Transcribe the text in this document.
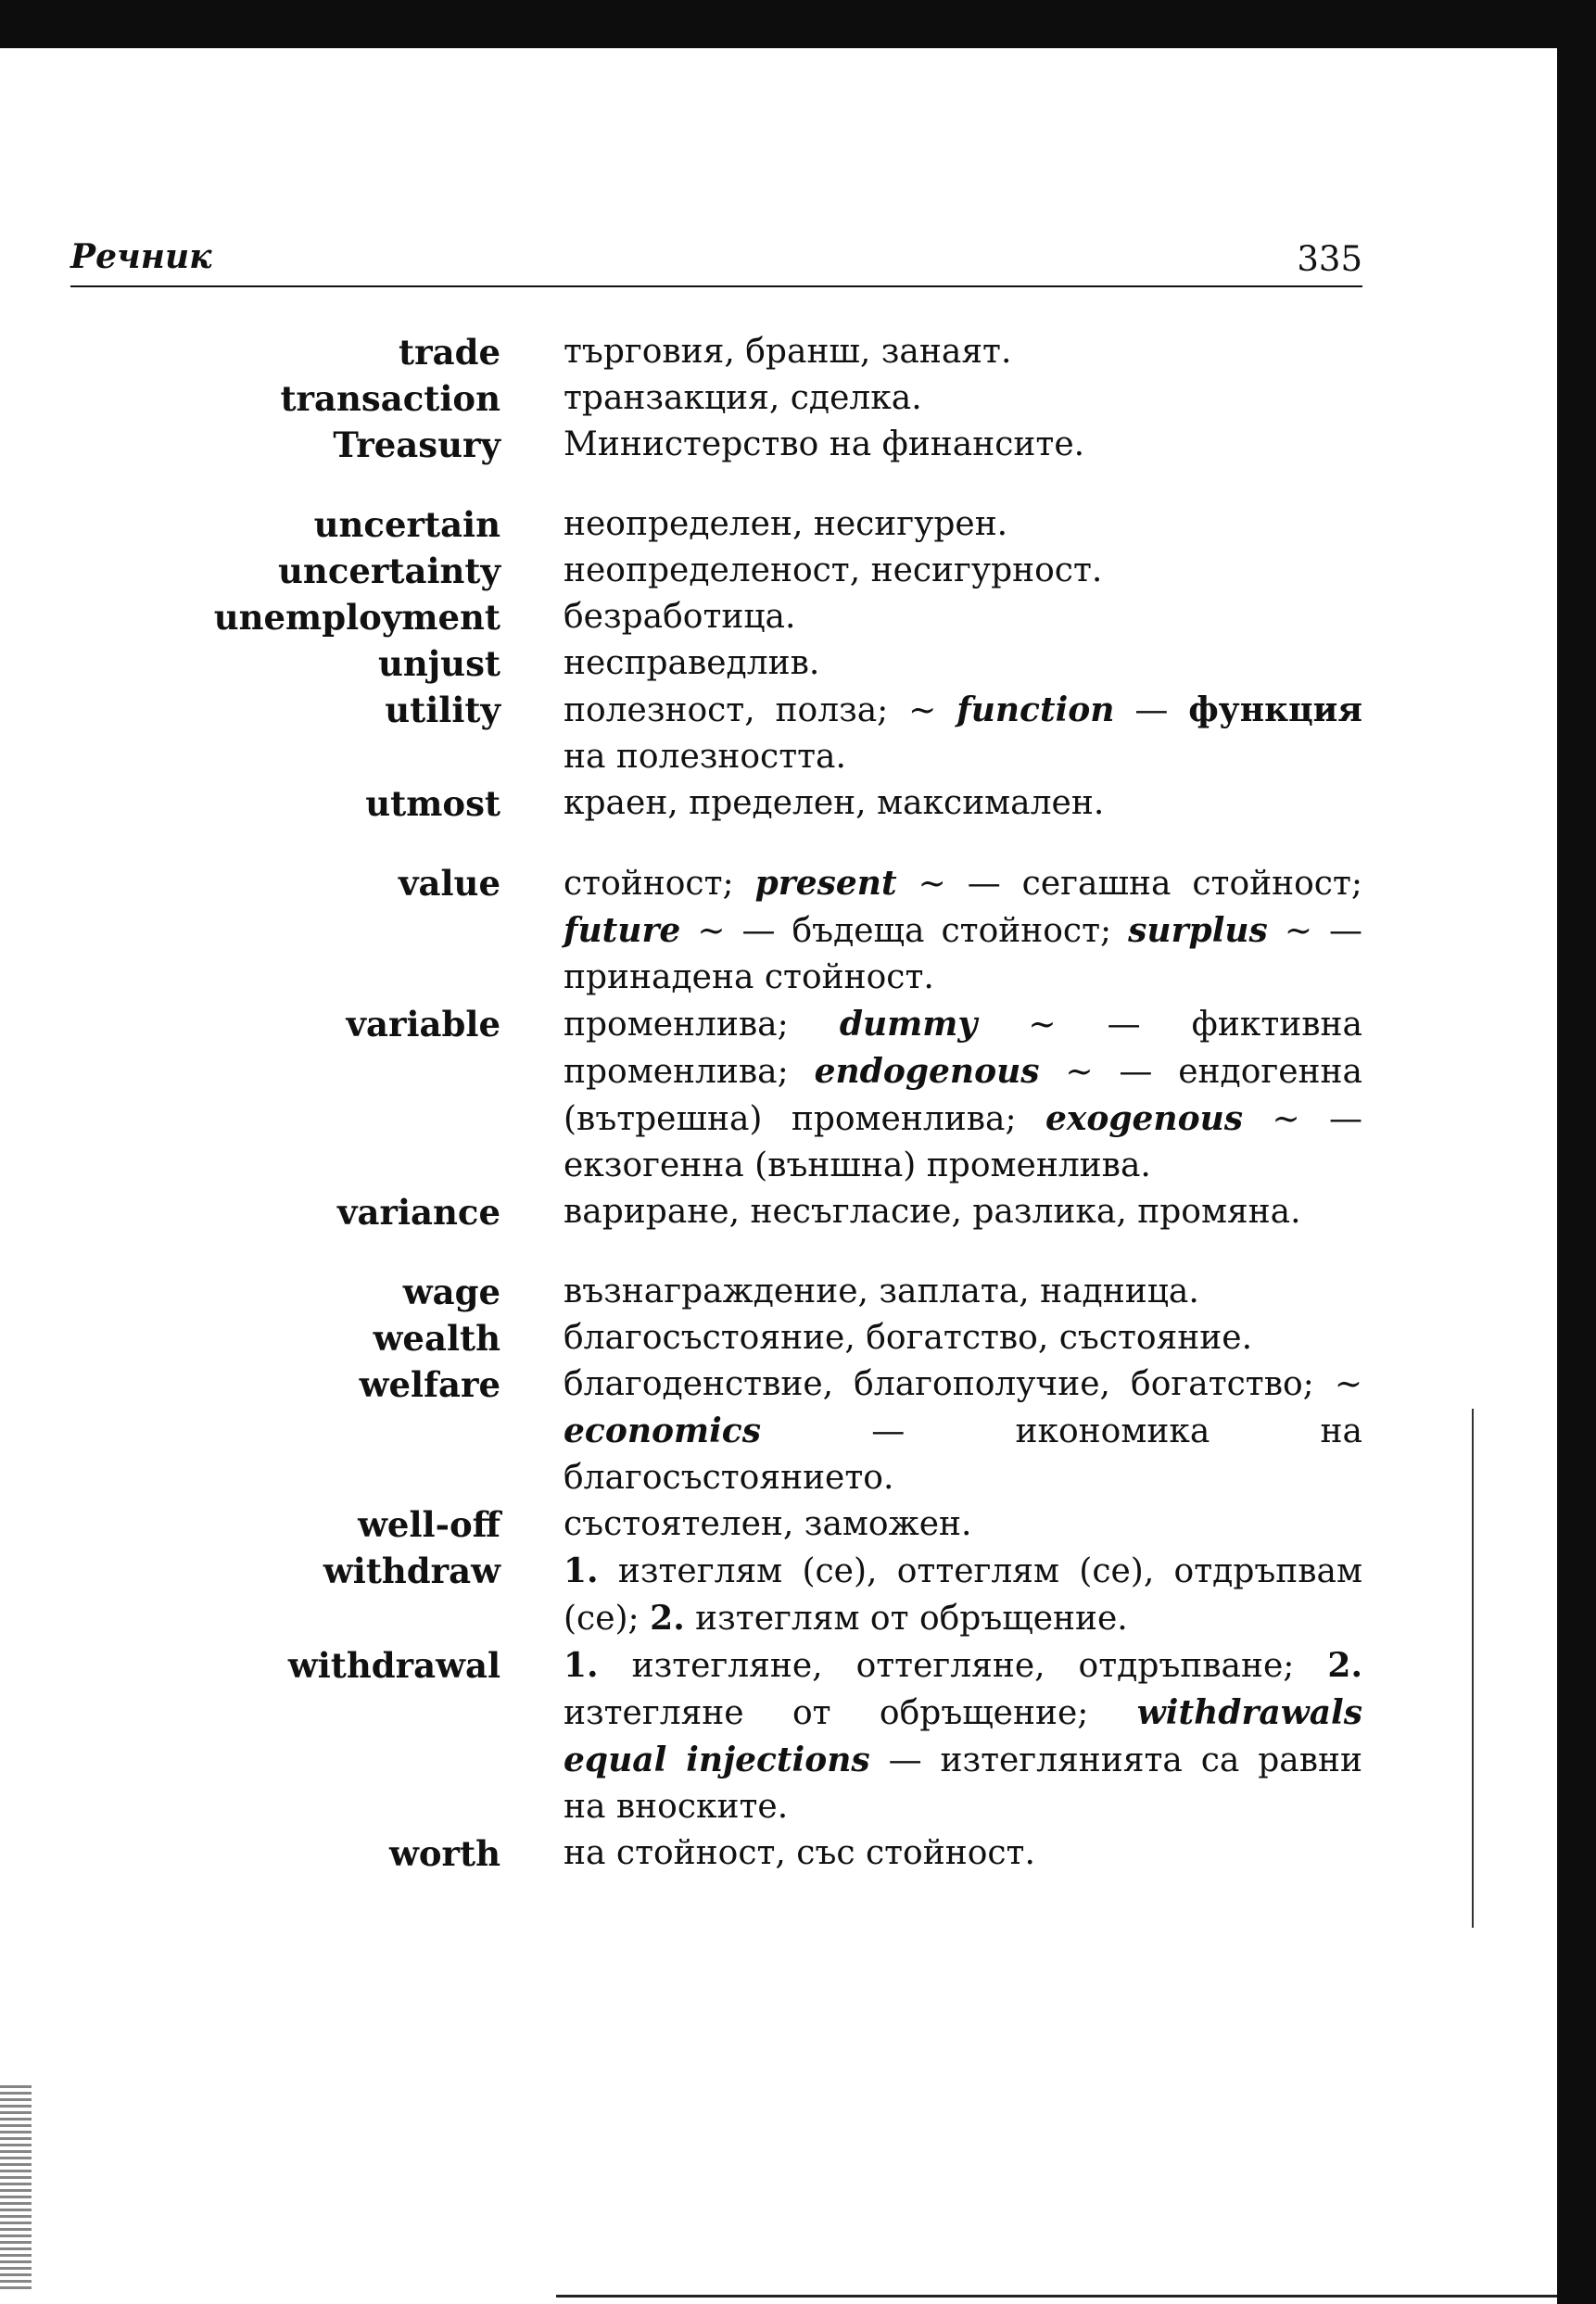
Речник	335
trade търговия, бранш, занаят.
transaction транзакция, сделка.
Treasury Министерство на финансите.
uncertain неопределен, несигурен.
uncertainty неопределеност, несигурност.
unemployment безработица.
unjust несправедлив.
utility полезност, полза; ~ function — функция на полезността.
utmost краен, пределен, максимален.
value стойност; present ~ — сегашна стойност; future ~ — бъдеща стойност; surplus ~ — принадена стойност.
variable променлива; dummy ~ — фиктивна променлива; endogenous ~ — ендогенна (вътрешна) променлива; exogenous ~ — екзогенна (външна) променлива.
variance вариране, несъгласие, разлика, промяна.
wage възнаграждение, заплата, надница.
wealth благосъстояние, богатство, състояние.
welfare благоденствие, благополучие, богатство; ~ economics — икономика на благосъстоянието.
well-off състоятелен, заможен.
withdraw 1. изтеглям (се), оттеглям (се), отдръпвам (се); 2. изтеглям от обръщение.
withdrawal 1. изтегляне, оттегляне, отдръпване; 2. изтегляне от обръщение; withdrawals equal injections — изтеглянията са равни на вноските.
worth на стойност, със стойност.
